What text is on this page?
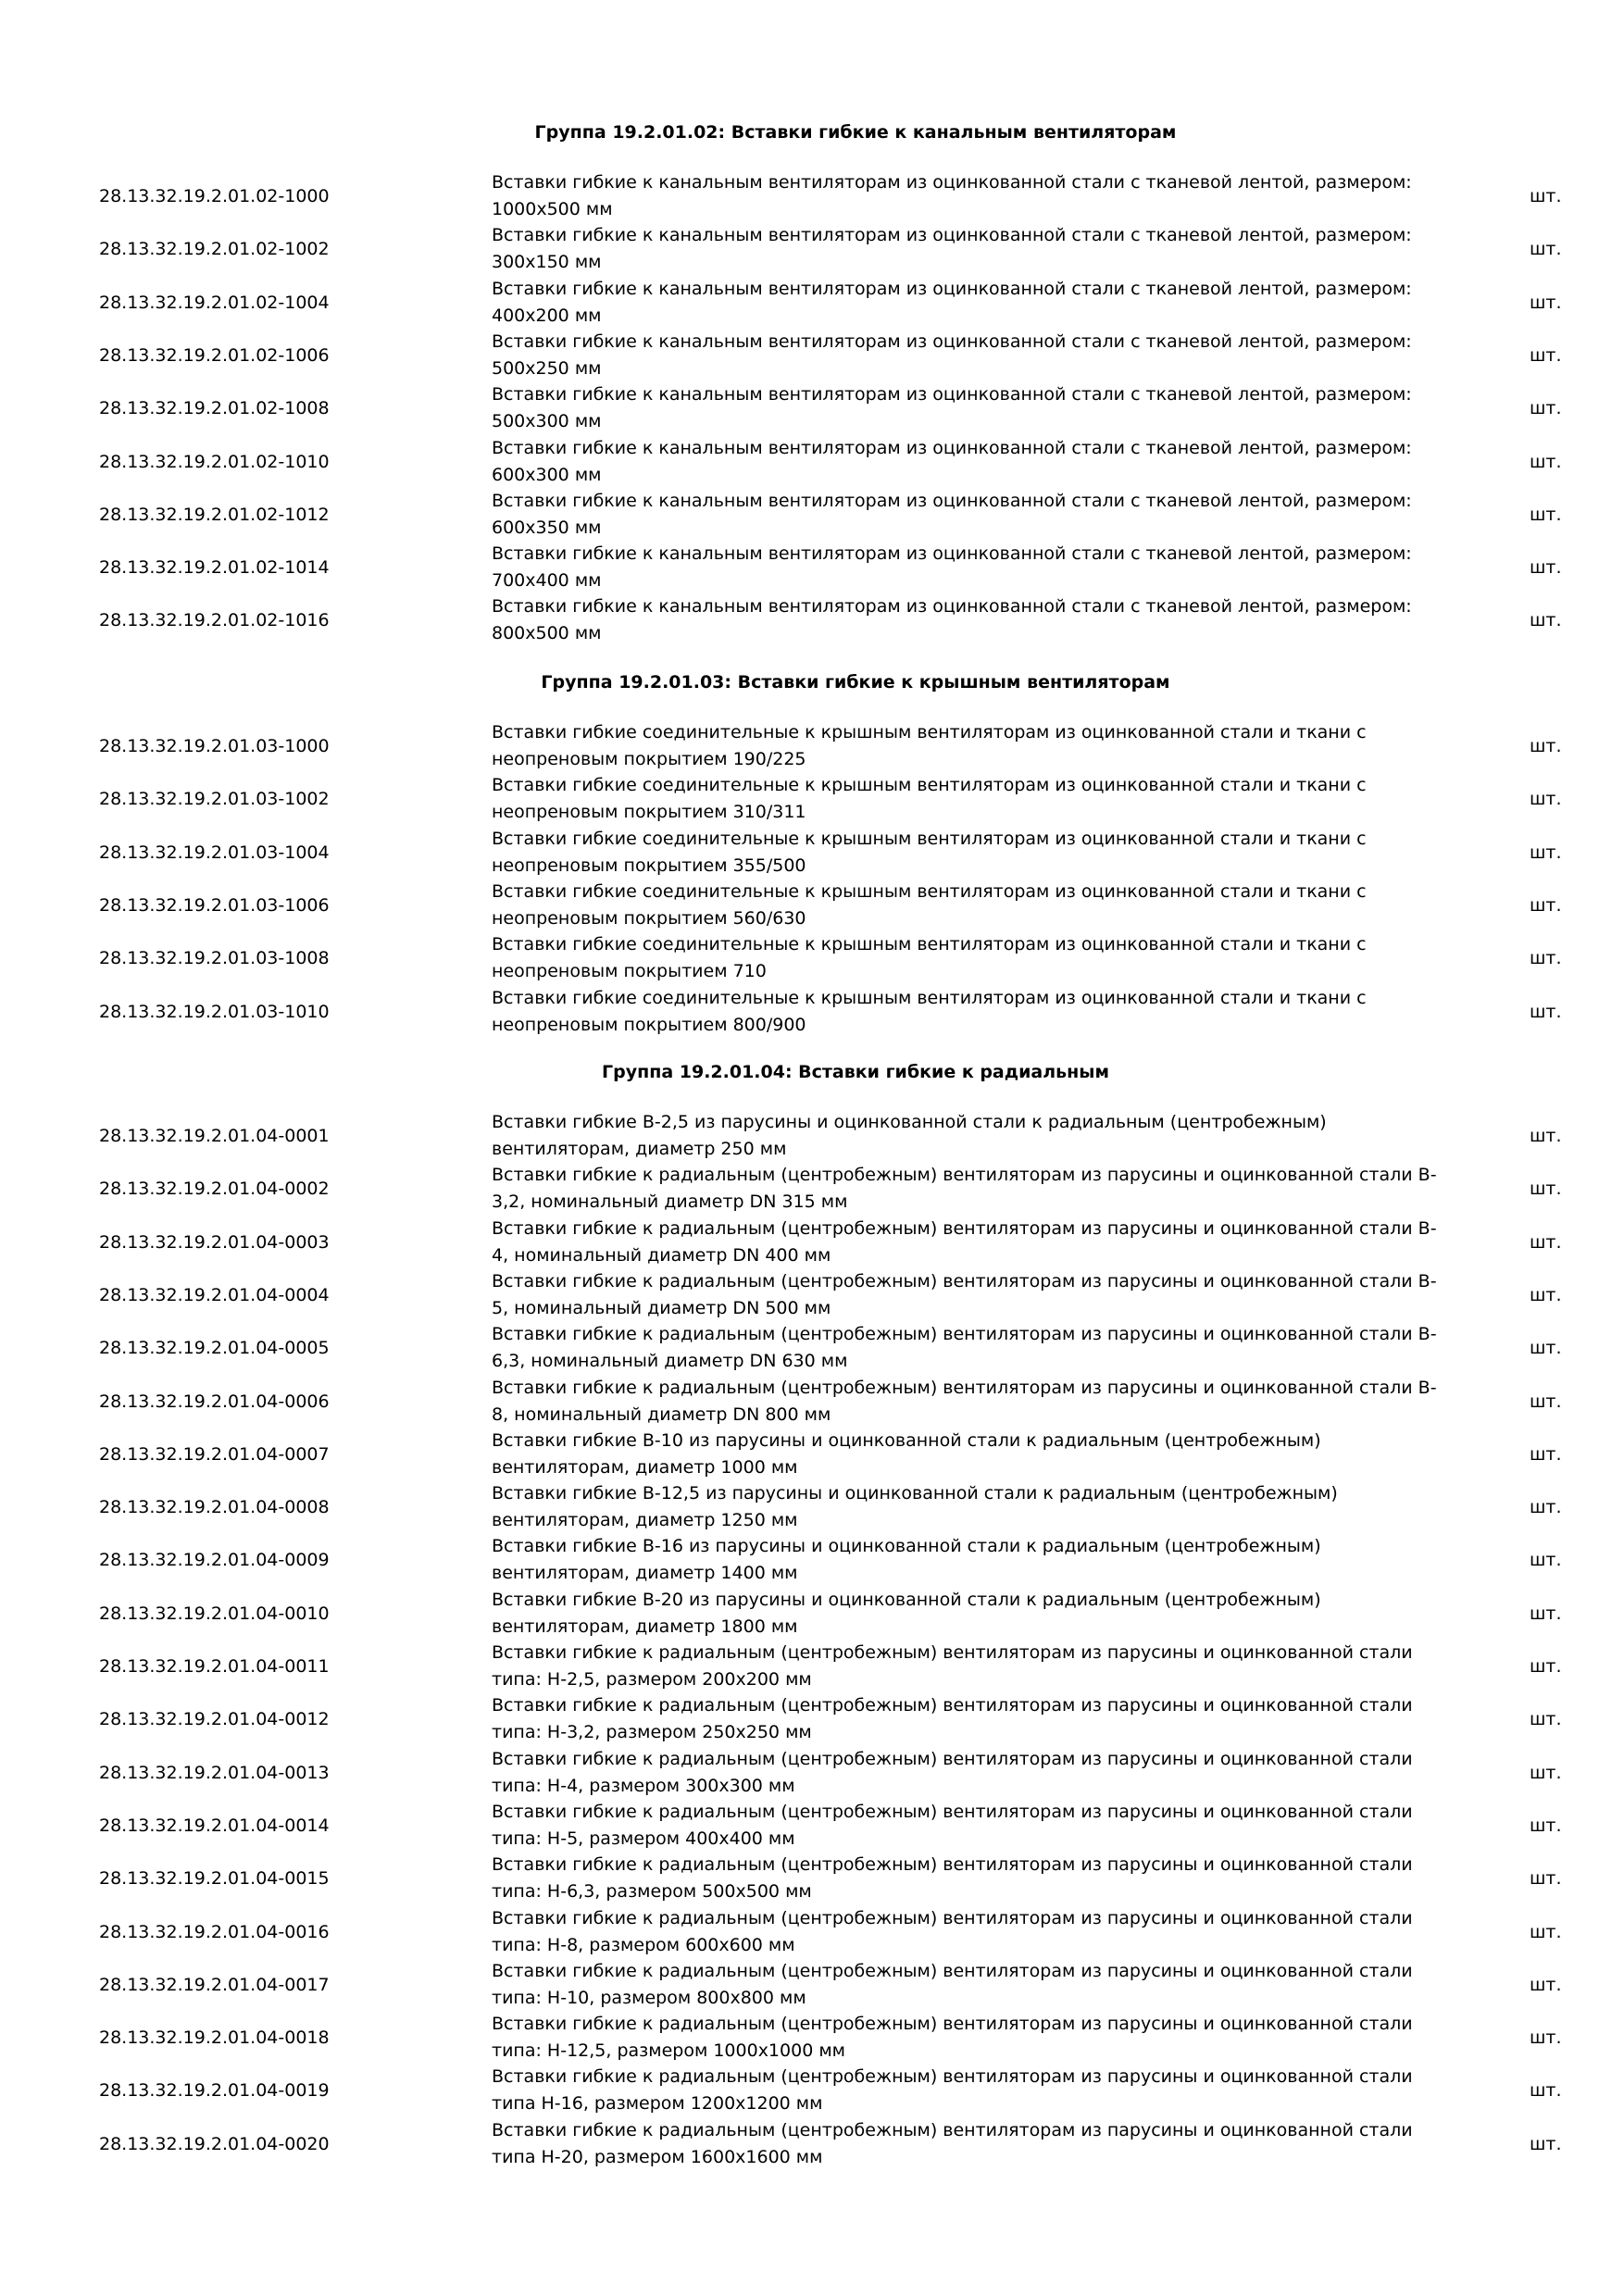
Группа 19.2.01.02: Вставки гибкие к канальным вентиляторам
28.13.32.19.2.01.02-1000
Вставки гибкие к канальным вентиляторам из оцинкованной стали с тканевой лентой, размером:
1000х500 мм
шт.
28.13.32.19.2.01.02-1002
Вставки гибкие к канальным вентиляторам из оцинкованной стали с тканевой лентой, размером:
300х150 мм
шт.
28.13.32.19.2.01.02-1004
Вставки гибкие к канальным вентиляторам из оцинкованной стали с тканевой лентой, размером:
400х200 мм
шт.
28.13.32.19.2.01.02-1006
Вставки гибкие к канальным вентиляторам из оцинкованной стали с тканевой лентой, размером:
500х250 мм
шт.
28.13.32.19.2.01.02-1008
Вставки гибкие к канальным вентиляторам из оцинкованной стали с тканевой лентой, размером:
500х300 мм
шт.
28.13.32.19.2.01.02-1010
Вставки гибкие к канальным вентиляторам из оцинкованной стали с тканевой лентой, размером:
600х300 мм
шт.
28.13.32.19.2.01.02-1012
Вставки гибкие к канальным вентиляторам из оцинкованной стали с тканевой лентой, размером:
600х350 мм
шт.
28.13.32.19.2.01.02-1014
Вставки гибкие к канальным вентиляторам из оцинкованной стали с тканевой лентой, размером:
700х400 мм
шт.
28.13.32.19.2.01.02-1016
Вставки гибкие к канальным вентиляторам из оцинкованной стали с тканевой лентой, размером:
800х500 мм
шт.
Группа 19.2.01.03: Вставки гибкие к крышным вентиляторам
28.13.32.19.2.01.03-1000
Вставки гибкие соединительные к крышным вентиляторам из оцинкованной стали и ткани с
неопреновым покрытием 190/225
шт.
28.13.32.19.2.01.03-1002
Вставки гибкие соединительные к крышным вентиляторам из оцинкованной стали и ткани с
неопреновым покрытием 310/311
шт.
28.13.32.19.2.01.03-1004
Вставки гибкие соединительные к крышным вентиляторам из оцинкованной стали и ткани с
неопреновым покрытием 355/500
шт.
28.13.32.19.2.01.03-1006
Вставки гибкие соединительные к крышным вентиляторам из оцинкованной стали и ткани с
неопреновым покрытием 560/630
шт.
28.13.32.19.2.01.03-1008
Вставки гибкие соединительные к крышным вентиляторам из оцинкованной стали и ткани с
неопреновым покрытием 710
шт.
28.13.32.19.2.01.03-1010
Вставки гибкие соединительные к крышным вентиляторам из оцинкованной стали и ткани с
неопреновым покрытием 800/900
шт.
Группа 19.2.01.04: Вставки гибкие к радиальным
28.13.32.19.2.01.04-0001
Вставки гибкие В-2,5 из парусины и оцинкованной стали к радиальным (центробежным)
вентиляторам, диаметр 250 мм
шт.
28.13.32.19.2.01.04-0002
Вставки гибкие к радиальным (центробежным) вентиляторам из парусины и оцинкованной стали В-
3,2, номинальный диаметр DN 315 мм
шт.
28.13.32.19.2.01.04-0003
Вставки гибкие к радиальным (центробежным) вентиляторам из парусины и оцинкованной стали В-
4, номинальный диаметр DN 400 мм
шт.
28.13.32.19.2.01.04-0004
Вставки гибкие к радиальным (центробежным) вентиляторам из парусины и оцинкованной стали В-
5, номинальный диаметр DN 500 мм
шт.
28.13.32.19.2.01.04-0005
Вставки гибкие к радиальным (центробежным) вентиляторам из парусины и оцинкованной стали В-
6,3, номинальный диаметр DN 630 мм
шт.
28.13.32.19.2.01.04-0006
Вставки гибкие к радиальным (центробежным) вентиляторам из парусины и оцинкованной стали В-
8, номинальный диаметр DN 800 мм
шт.
28.13.32.19.2.01.04-0007
Вставки гибкие В-10 из парусины и оцинкованной стали к радиальным (центробежным)
вентиляторам, диаметр 1000 мм
шт.
28.13.32.19.2.01.04-0008
Вставки гибкие В-12,5 из парусины и оцинкованной стали к радиальным (центробежным)
вентиляторам, диаметр 1250 мм
шт.
28.13.32.19.2.01.04-0009
Вставки гибкие В-16 из парусины и оцинкованной стали к радиальным (центробежным)
вентиляторам, диаметр 1400 мм
шт.
28.13.32.19.2.01.04-0010
Вставки гибкие В-20 из парусины и оцинкованной стали к радиальным (центробежным)
вентиляторам, диаметр 1800 мм
шт.
28.13.32.19.2.01.04-0011
Вставки гибкие к радиальным (центробежным) вентиляторам из парусины и оцинкованной стали
типа: Н-2,5, размером 200х200 мм
шт.
28.13.32.19.2.01.04-0012
Вставки гибкие к радиальным (центробежным) вентиляторам из парусины и оцинкованной стали
типа: Н-3,2, размером 250х250 мм
шт.
28.13.32.19.2.01.04-0013
Вставки гибкие к радиальным (центробежным) вентиляторам из парусины и оцинкованной стали
типа: Н-4, размером 300х300 мм
шт.
28.13.32.19.2.01.04-0014
Вставки гибкие к радиальным (центробежным) вентиляторам из парусины и оцинкованной стали
типа: Н-5, размером 400х400 мм
шт.
28.13.32.19.2.01.04-0015
Вставки гибкие к радиальным (центробежным) вентиляторам из парусины и оцинкованной стали
типа: Н-6,3, размером 500х500 мм
шт.
28.13.32.19.2.01.04-0016
Вставки гибкие к радиальным (центробежным) вентиляторам из парусины и оцинкованной стали
типа: Н-8, размером 600х600 мм
шт.
28.13.32.19.2.01.04-0017
Вставки гибкие к радиальным (центробежным) вентиляторам из парусины и оцинкованной стали
типа: Н-10, размером 800х800 мм
шт.
28.13.32.19.2.01.04-0018
Вставки гибкие к радиальным (центробежным) вентиляторам из парусины и оцинкованной стали
типа: Н-12,5, размером 1000х1000 мм
шт.
28.13.32.19.2.01.04-0019
Вставки гибкие к радиальным (центробежным) вентиляторам из парусины и оцинкованной стали
типа Н-16, размером 1200х1200 мм
шт.
28.13.32.19.2.01.04-0020
Вставки гибкие к радиальным (центробежным) вентиляторам из парусины и оцинкованной стали
типа Н-20, размером 1600х1600 мм
шт.
